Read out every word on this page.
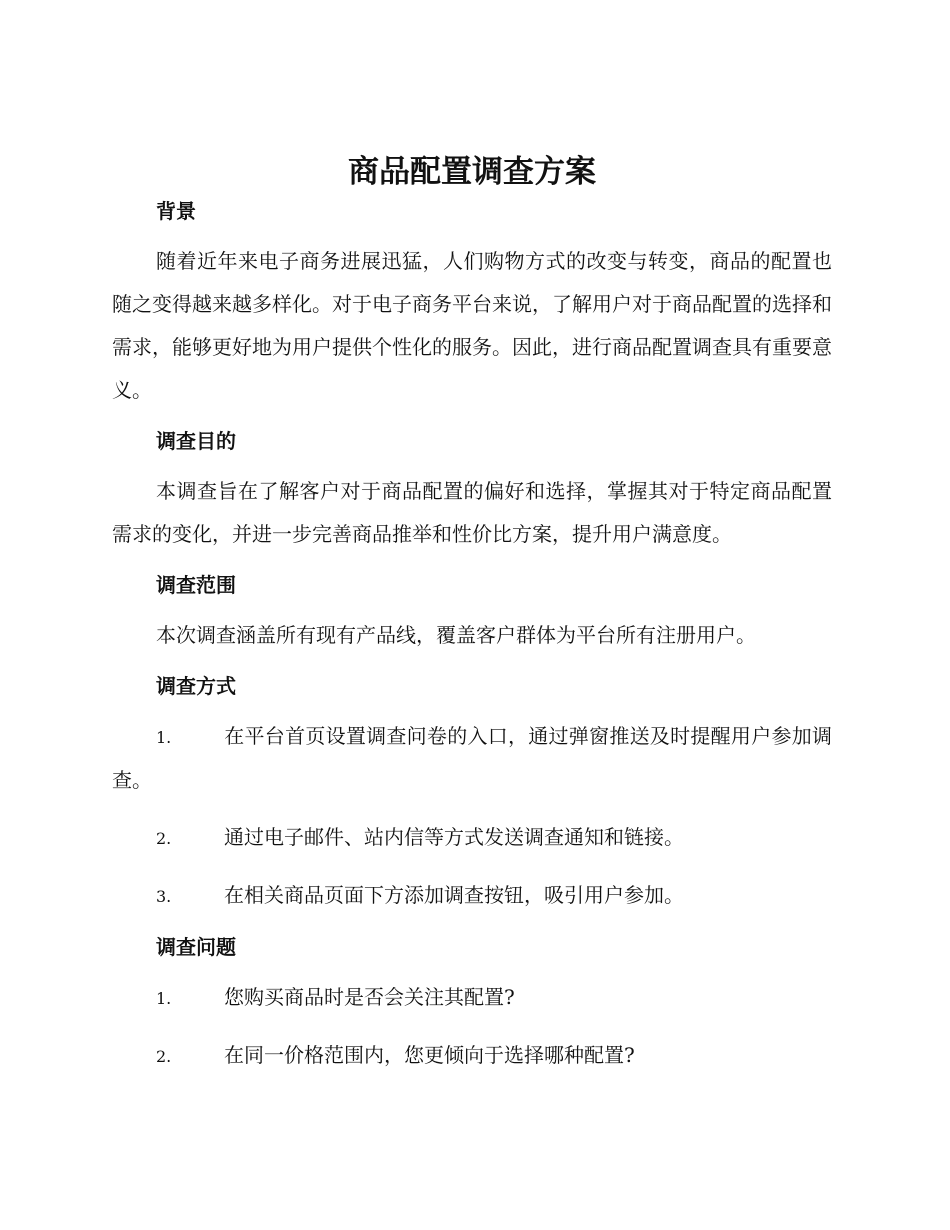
商品配置调查方案
背景

随着近年来电子商务进展迅猛，人们购物方式的改变与转变，商品的配置也随之变得越来越多样化。对于电子商务平台来说，了解用户对于商品配置的选择和需求，能够更好地为用户提供个性化的服务。因此，进行商品配置调查具有重要意义。

调查目的

本调查旨在了解客户对于商品配置的偏好和选择，掌握其对于特定商品配置需求的变化，并进一步完善商品推举和性价比方案，提升用户满意度。

调查范围

本次调查涵盖所有现有产品线，覆盖客户群体为平台所有注册用户。

调查方式

1.	在平台首页设置调查问卷的入口，通过弹窗推送及时提醒用户参加调查。

2.	通过电子邮件、站内信等方式发送调查通知和链接。

3.	在相关商品页面下方添加调查按钮，吸引用户参加。

调查问题

1.	您购买商品时是否会关注其配置?

2.	在同一价格范围内，您更倾向于选择哪种配置?
